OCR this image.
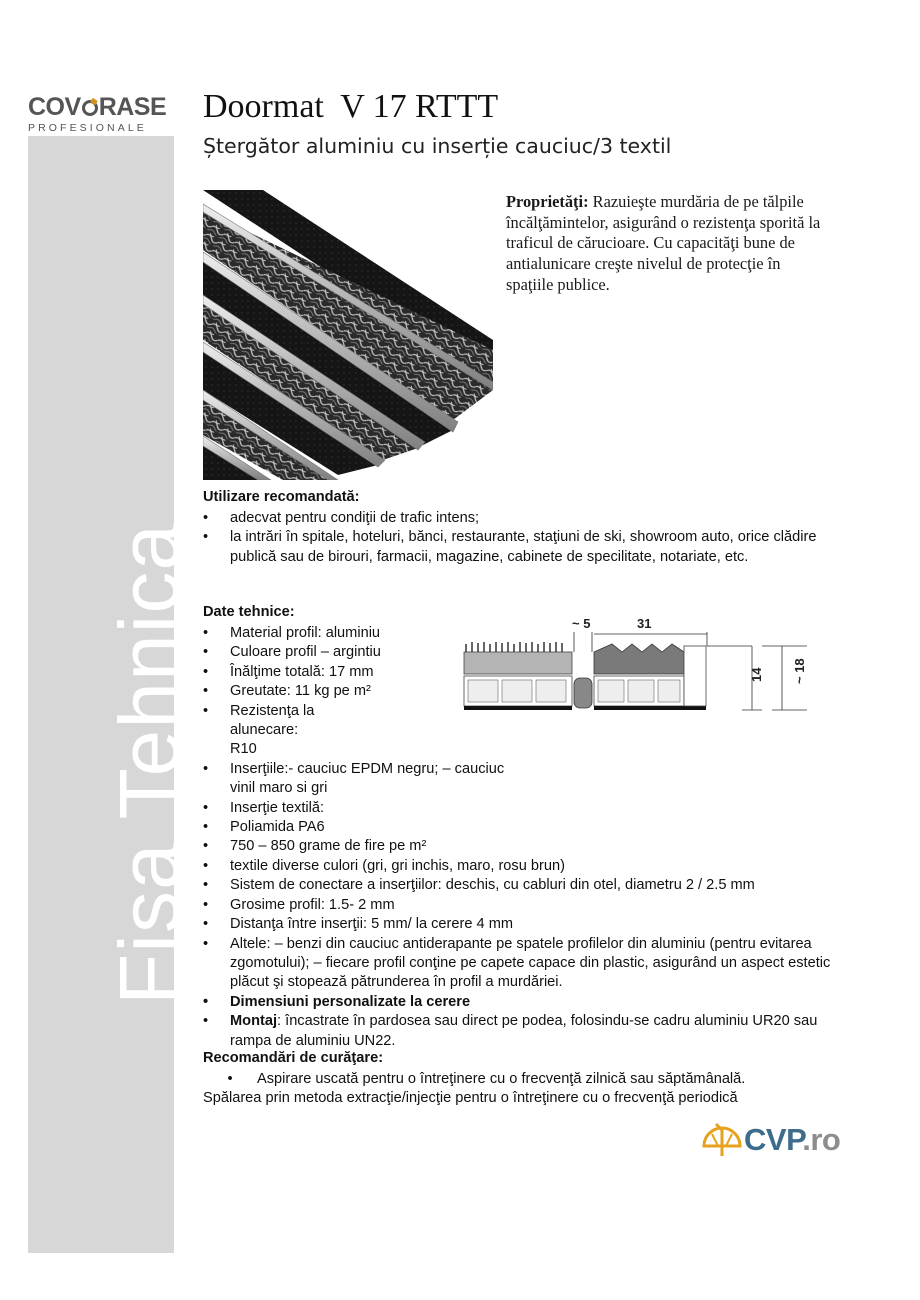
Fişa Tehnica
COV RASE
PROFESIONALE
Doormat  V 17 RTTT
Ștergător aluminiu cu inserție cauciuc/3 textil
Proprietăţi: Razuieşte murdăria de pe tălpile încălţămintelor, asigurând o rezistenţa sporită la traficul de cărucioare. Cu capacităţi bune de antialunicare creşte nivelul de protecţie în spaţiile publice.
Utilizare recomandată:
• adecvat pentru condiţii de trafic intens;
• la intrări în spitale, hoteluri, bănci, restaurante, staţiuni de ski, showroom auto, orice clădire publică sau de birouri, farmacii, magazine, cabinete de specilitate, notariate, etc.
Date tehnice:
• Material profil: aluminiu
• Culoare profil – argintiu
• Înălţime totală: 17 mm
• Greutate: 11 kg pe m²
• Rezistenţa la alunecare: R10
• Inserţiile:- cauciuc EPDM negru; – cauciuc vinil maro si gri
• Inserţie textilă:
• Poliamida PA6
• 750 – 850 grame de fire pe m²
• textile diverse culori (gri, gri inchis, maro, rosu brun)
• Sistem de conectare a inserţiilor: deschis, cu cabluri din otel, diametru 2 / 2.5 mm
• Grosime profil: 1.5- 2 mm
• Distanţa între inserţii: 5 mm/ la cerere 4 mm
• Altele: – benzi din cauciuc antiderapante pe spatele profilelor din aluminiu (pentru evitarea zgomotului); – fiecare profil conţine pe capete capace din plastic, asigurând un aspect estetic plăcut şi stopează pătrunderea în profil a murdăriei.
• Dimensiuni personalizate la cerere
• Montaj: încastrate în pardosea sau direct pe podea, folosindu-se cadru aluminiu UR20 sau rampa de aluminiu UN22.
~ 5	31
14 ~ 18
Recomandări de curăţare:
• Aspirare uscată pentru o întreţinere cu o frecvenţă zilnică sau săptămânală.
Spălarea prin metoda extracţie/injecţie pentru o întreţinere cu o frecvenţă periodică
CVP.ro
